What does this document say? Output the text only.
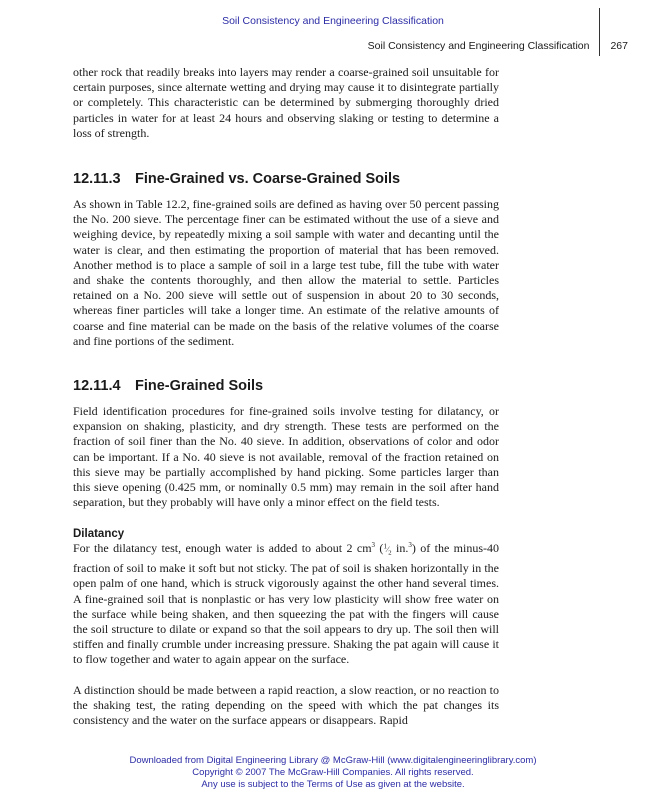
Soil Consistency and Engineering Classification
Soil Consistency and Engineering Classification 267

other rock that readily breaks into layers may render a coarse-grained soil unsuitable for certain purposes, since alternate wetting and drying may cause it to disintegrate partially or completely. This characteristic can be determined by submerging thoroughly dried particles in water for at least 24 hours and observing slaking or testing to determine a loss of strength.

12.11.3 Fine-Grained vs. Coarse-Grained Soils

As shown in Table 12.2, fine-grained soils are defined as having over 50 percent passing the No. 200 sieve. The percentage finer can be estimated without the use of a sieve and weighing device, by repeatedly mixing a soil sample with water and decanting until the water is clear, and then estimating the proportion of material that has been removed. Another method is to place a sample of soil in a large test tube, fill the tube with water and shake the contents thoroughly, and then allow the material to settle. Particles retained on a No. 200 sieve will settle out of suspension in about 20 to 30 seconds, whereas finer particles will take a longer time. An estimate of the relative amounts of coarse and fine material can be made on the basis of the relative volumes of the coarse and fine portions of the sediment.

12.11.4 Fine-Grained Soils

Field identification procedures for fine-grained soils involve testing for dilatancy, or expansion on shaking, plasticity, and dry strength. These tests are performed on the fraction of soil finer than the No. 40 sieve. In addition, observations of color and odor can be important. If a No. 40 sieve is not available, removal of the fraction retained on this sieve may be partially accomplished by hand picking. Some particles larger than this sieve opening (0.425 mm, or nominally 0.5 mm) may remain in the soil after hand separation, but they probably will have only a minor effect on the field tests.

Dilatancy

For the dilatancy test, enough water is added to about 2 $cm^3$ ($^1⁄_2$ in.$^3$) of the minus-40 fraction of soil to make it soft but not sticky. The pat of soil is shaken horizontally in the open palm of one hand, which is struck vigorously against the other hand several times. A fine-grained soil that is nonplastic or has very low plasticity will show free water on the surface while being shaken, and then squeezing the pat with the fingers will cause the soil structure to dilate or expand so that the soil appears to dry up. The soil then will stiffen and finally crumble under increasing pressure. Shaking the pat again will cause it to flow together and water to again appear on the surface.

A distinction should be made between a rapid reaction, a slow reaction, or no reaction to the shaking test, the rating depending on the speed with which the pat changes its consistency and the water on the surface appears or disappears. Rapid

Downloaded from Digital Engineering Library @ McGraw-Hill (www.digitalengineeringlibrary.com)
Copyright © 2007 The McGraw-Hill Companies. All rights reserved.
Any use is subject to the Terms of Use as given at the website.
